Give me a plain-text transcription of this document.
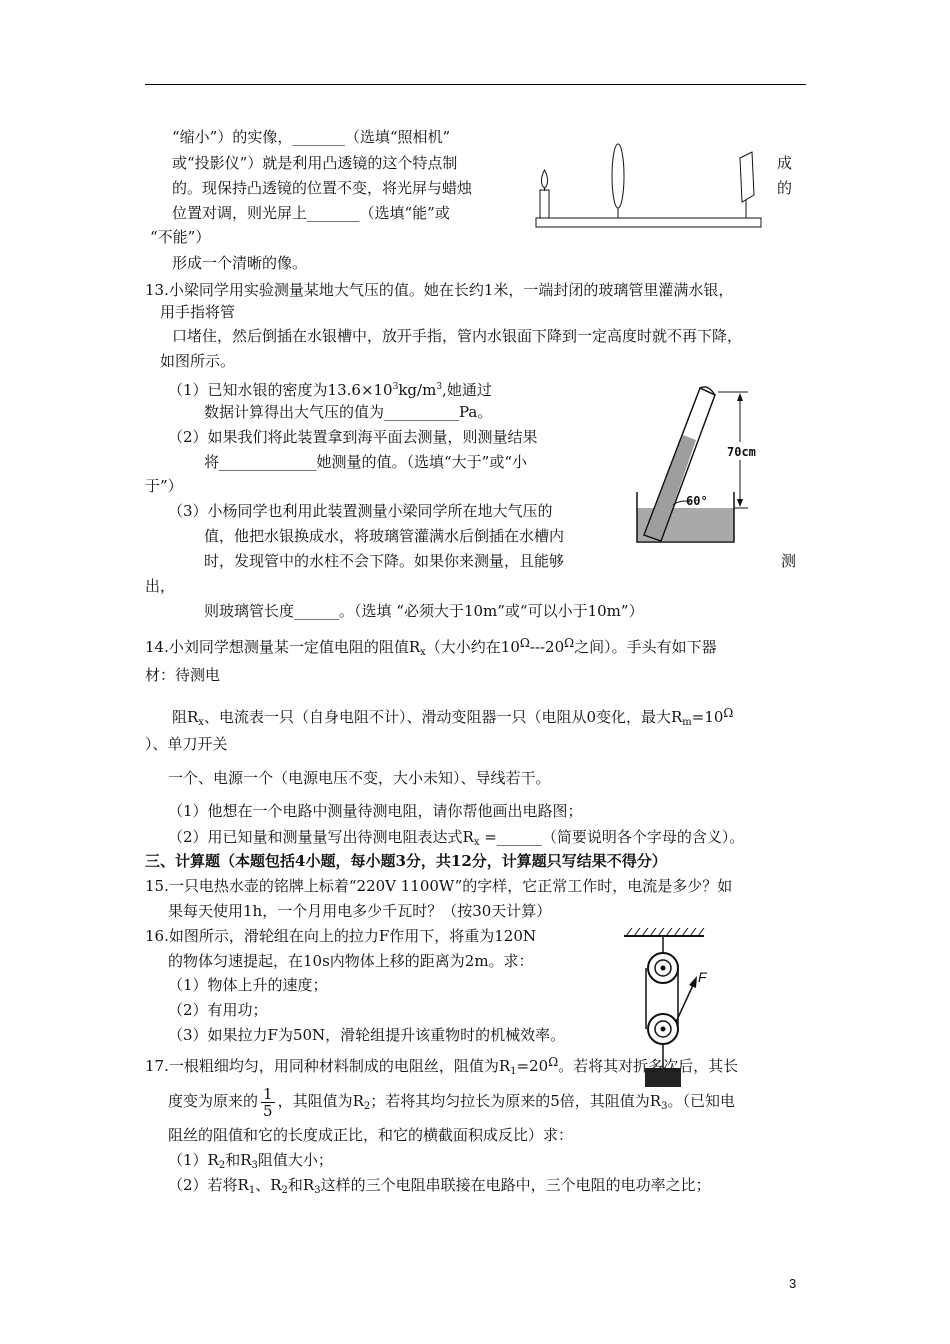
“缩小”）的实像，_______（选填“照相机”
或“投影仪”）就是利用凸透镜的这个特点制	成
的。现保持凸透镜的位置不变，将光屏与蜡烛	的
位置对调，则光屏上_______（选填“能”或
“不能”）
形成一个清晰的像。
13.小梁同学用实验测量某地大气压的值。她在长约1米，一端封闭的玻璃管里灌满水银，
用手指将管
口堵住，然后倒插在水银槽中，放开手指，管内水银面下降到一定高度时就不再下降，
如图所示。
（1）已知水银的密度为$13.6\times 10^3kg/m^3$,她通过
数据计算得出大气压的值为__________Pa。
（2）如果我们将此装置拿到海平面去测量，则测量结果
将_____________她测量的值。（选填“大于”或“小
于”）
（3）小杨同学也利用此装置测量小梁同学所在地大气压的
值，他把水银换成水，将玻璃管灌满水后倒插在水槽内
时，发现管中的水柱不会下降。如果你来测量，且能够	测
出，
则玻璃管长度______。（选填 “必须大于10m”或“可以小于10m”）
70cm
60°
14.小刘同学想测量某一定值电阻的阻值$R_x$（大小约在$10^\Omega---20^\Omega$之间）。手头有如下器
材：待测电
阻$R_x$、电流表一只（自身电阻不计）、滑动变阻器一只（电阻从0变化，最大$R_m=10^\Omega$
）、单刀开关
一个、电源一个（电源电压不变，大小未知）、导线若干。
（1）他想在一个电路中测量待测电阻，请你帮他画出电路图；
（2）用已知量和测量量写出待测电阻表达式$R_x$ =______（简要说明各个字母的含义）。
三、计算题（本题包括4小题，每小题3分，共12分，计算题只写结果不得分）
15.一只电热水壶的铭牌上标着“220V 1100W”的字样，它正常工作时，电流是多少？如
果每天使用1h，一个月用电多少千瓦时？（按30天计算）
16.如图所示，滑轮组在向上的拉力F作用下，将重为120N
的物体匀速提起，在10s内物体上移的距离为2m。求：
（1）物体上升的速度；
（2）有用功；
（3）如果拉力F为50N，滑轮组提升该重物时的机械效率。
F
17.一根粗细均匀，用同种材料制成的电阻丝，阻值为$R_1=20^\Omega$。若将其对折多次后，其长
度变为原来的 $\frac{1}{5}$ ，其阻值为$R_2$；若将其均匀拉长为原来的5倍，其阻值为$R_3$。（已知电
阻丝的阻值和它的长度成正比，和它的横截面积成反比）求：
$(1)R_2$和$R_3$阻值大小；
（2）若将$R_1$、$R_2$和$R_3$这样的三个电阻串联接在电路中，三个电阻的电功率之比；
3
